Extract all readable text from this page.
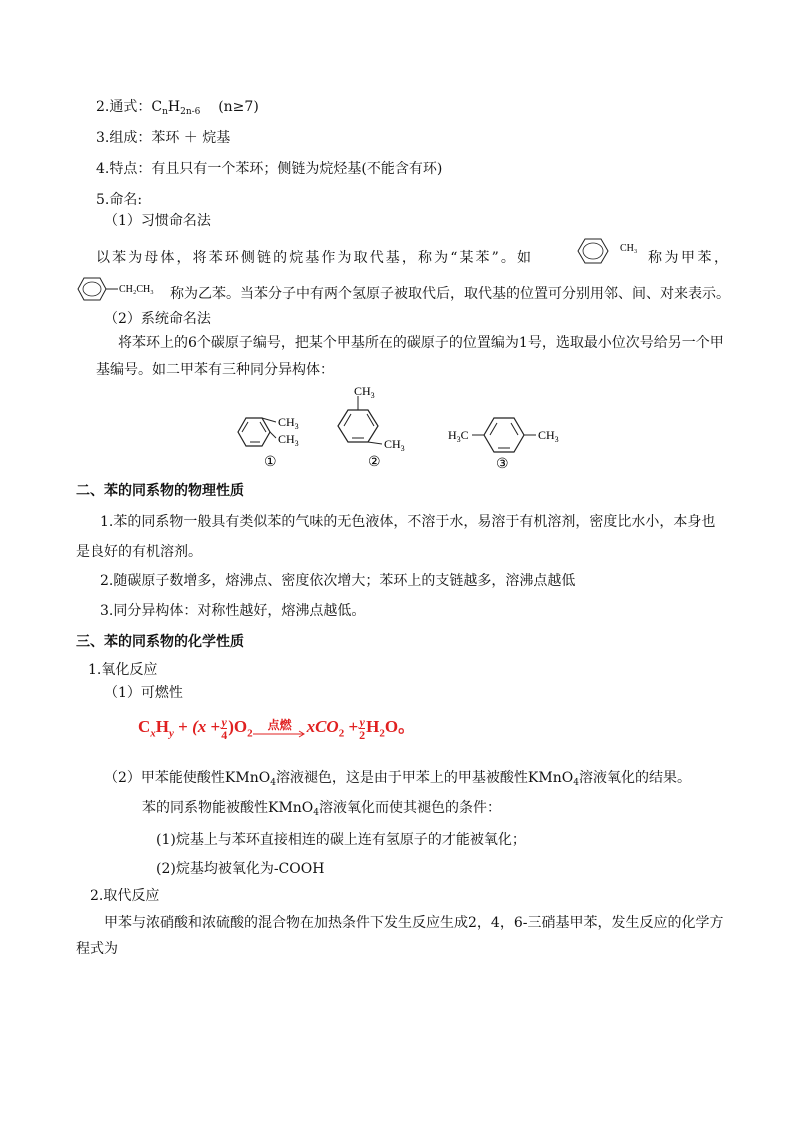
2.通式：$C_nH_{2n-6}$ (n≥7)
3.组成：苯环 ＋ 烷基
4.特点：有且只有一个苯环；侧链为烷烃基(不能含有环)
5.命名:
（1）习惯命名法
以苯为母体，将苯环侧链的烷基作为取代基，称为“某苯”。如
CH₃
称为甲苯，
CH₂CH₃ 称为乙苯。当苯分子中有两个氢原子被取代后，取代基的位置可分别用邻、间、对来表示。
（2）系统命名法
将苯环上的6个碳原子编号，把某个甲基所在的碳原子的位置编为1号，选取最小位次号给另一个甲
基编号。如二甲苯有三种同分异构体：
$CH_3$
$CH_3$
①
$CH_3$
$CH_3$
②
$H_3C$	$CH_3$
③
二、苯的同系物的物理性质
1.苯的同系物一般具有类似苯的气味的无色液体，不溶于水，易溶于有机溶剂，密度比水小，本身也
是良好的有机溶剂。
2.随碳原子数增多，熔沸点、密度依次增大；苯环上的支链越多，溶沸点越低
3.同分异构体：对称性越好，熔沸点越低。
三、苯的同系物的化学性质
1.氧化反应
（1）可燃性
$C_xH_y + (x + \frac{y}{4} )O_2$
点燃 $xCO_2 + \frac{y}{2} H_2O$。
（2）甲苯能使酸性KMnO$_4$溶液褪色，这是由于甲苯上的甲基被酸性KMnO$_4$溶液氧化的结果。
苯的同系物能被酸性KMnO$_4$溶液氧化而使其褪色的条件：
(1)烷基上与苯环直接相连的碳上连有氢原子的才能被氧化；
(2)烷基均被氧化为-COOH
2.取代反应
甲苯与浓硝酸和浓硫酸的混合物在加热条件下发生反应生成2，4，6-三硝基甲苯，发生反应的化学方
程式为
